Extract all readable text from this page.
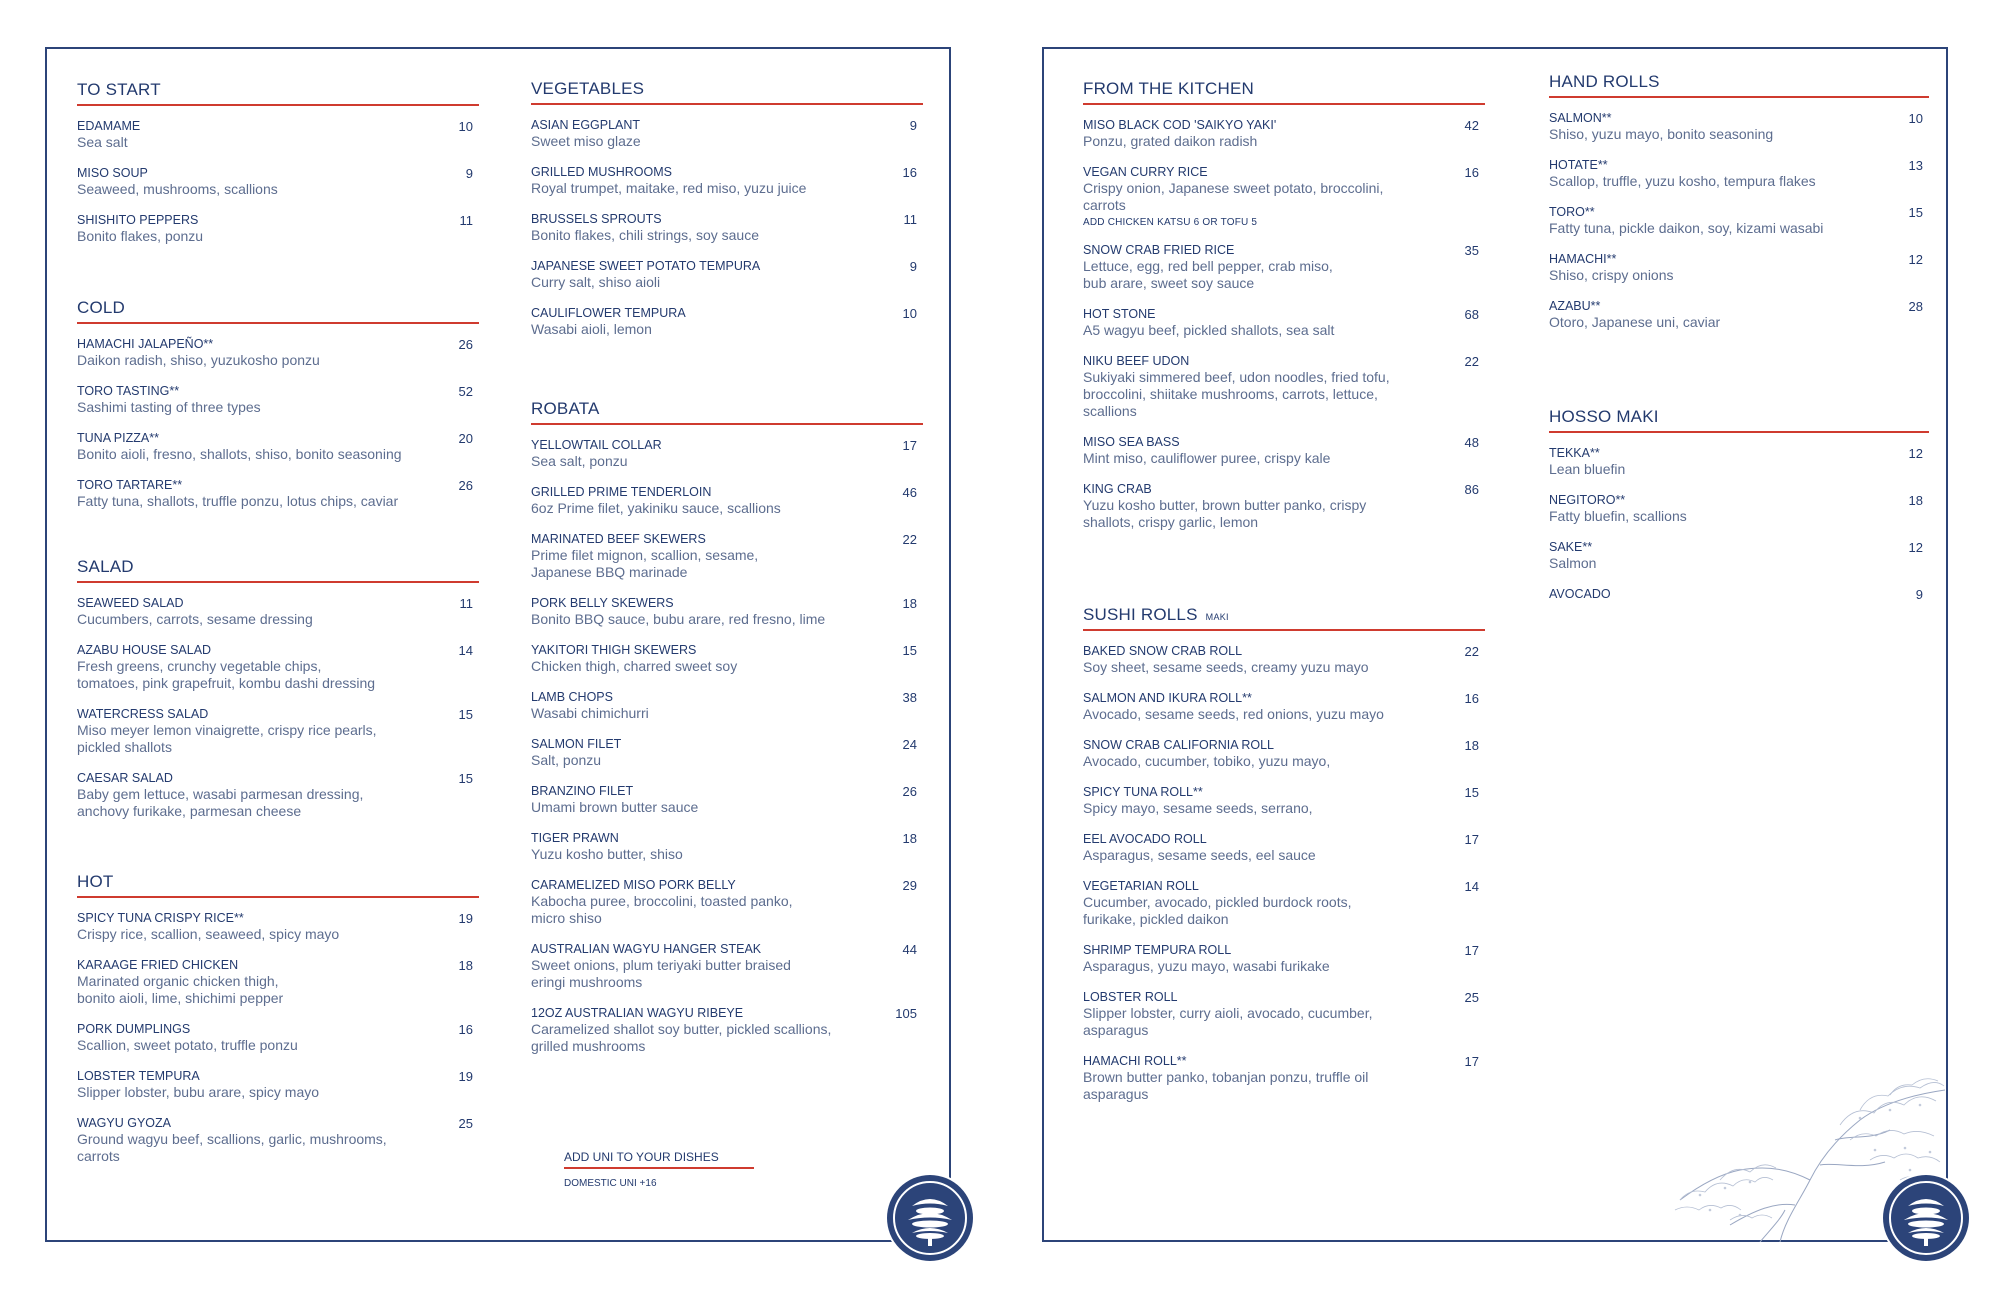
TO START
EDAMAME
Sea salt
10
MISO SOUP
Seaweed, mushrooms, scallions
9
SHISHITO PEPPERS
Bonito flakes, ponzu
11
COLD
HAMACHI JALAPEÑO**
Daikon radish, shiso, yuzukosho ponzu
26
TORO TASTING**
Sashimi tasting of three types
52
TUNA PIZZA**
Bonito aioli, fresno, shallots, shiso, bonito seasoning
20
TORO TARTARE**
Fatty tuna, shallots, truffle ponzu, lotus chips, caviar
26
SALAD
SEAWEED SALAD
Cucumbers, carrots, sesame dressing
11
AZABU HOUSE SALAD
Fresh greens, crunchy vegetable chips,
tomatoes, pink grapefruit, kombu dashi dressing
14
WATERCRESS SALAD
Miso meyer lemon vinaigrette, crispy rice pearls,
pickled shallots
15
CAESAR SALAD
Baby gem lettuce, wasabi parmesan dressing,
anchovy furikake, parmesan cheese
15
HOT
SPICY TUNA CRISPY RICE**
Crispy rice, scallion, seaweed, spicy mayo
19
KARAAGE FRIED CHICKEN
Marinated organic chicken thigh,
bonito aioli, lime, shichimi pepper
18
PORK DUMPLINGS
Scallion, sweet potato, truffle ponzu
16
LOBSTER TEMPURA
Slipper lobster, bubu arare, spicy mayo
19
WAGYU GYOZA
Ground wagyu beef, scallions, garlic, mushrooms,
carrots
25
VEGETABLES
ASIAN EGGPLANT
Sweet miso glaze
9
GRILLED MUSHROOMS
Royal trumpet, maitake, red miso, yuzu juice
16
BRUSSELS SPROUTS
Bonito flakes, chili strings, soy sauce
11
JAPANESE SWEET POTATO TEMPURA
Curry salt, shiso aioli
9
CAULIFLOWER TEMPURA
Wasabi aioli, lemon
10
ROBATA
YELLOWTAIL COLLAR
Sea salt, ponzu
17
GRILLED PRIME TENDERLOIN
6oz Prime filet, yakiniku sauce, scallions
46
MARINATED BEEF SKEWERS
Prime filet mignon, scallion, sesame,
Japanese BBQ marinade
22
PORK BELLY SKEWERS
Bonito BBQ sauce, bubu arare, red fresno, lime
18
YAKITORI THIGH SKEWERS
Chicken thigh, charred sweet soy
15
LAMB CHOPS
Wasabi chimichurri
38
SALMON FILET
Salt, ponzu
24
BRANZINO FILET
Umami brown butter sauce
26
TIGER PRAWN
Yuzu kosho butter, shiso
18
CARAMELIZED MISO PORK BELLY
Kabocha puree, broccolini, toasted panko,
micro shiso
29
AUSTRALIAN WAGYU HANGER STEAK
Sweet onions, plum teriyaki butter braised
eringi mushrooms
44
12OZ AUSTRALIAN WAGYU RIBEYE
Caramelized shallot soy butter, pickled scallions,
grilled mushrooms
105
ADD UNI TO YOUR DISHES
DOMESTIC UNI +16
FROM THE KITCHEN
MISO BLACK COD 'SAIKYO YAKI'
Ponzu, grated daikon radish
42
VEGAN CURRY RICE
Crispy onion, Japanese sweet potato, broccolini,
carrots
ADD CHICKEN KATSU 6 OR TOFU 5
16
SNOW CRAB FRIED RICE
Lettuce, egg, red bell pepper, crab miso,
bub arare, sweet soy sauce
35
HOT STONE
A5 wagyu beef, pickled shallots, sea salt
68
NIKU BEEF UDON
Sukiyaki simmered beef, udon noodles, fried tofu,
broccolini, shiitake mushrooms, carrots, lettuce,
scallions
22
MISO SEA BASS
Mint miso, cauliflower puree, crispy kale
48
KING CRAB
Yuzu kosho butter, brown butter panko, crispy
shallots, crispy garlic, lemon
86
SUSHI ROLLS MAKI
BAKED SNOW CRAB ROLL
Soy sheet, sesame seeds, creamy yuzu mayo
22
SALMON AND IKURA ROLL**
Avocado, sesame seeds, red onions, yuzu mayo
16
SNOW CRAB CALIFORNIA ROLL
Avocado, cucumber, tobiko, yuzu mayo,
18
SPICY TUNA ROLL**
Spicy mayo, sesame seeds, serrano,
15
EEL AVOCADO ROLL
Asparagus, sesame seeds, eel sauce
17
VEGETARIAN ROLL
Cucumber, avocado, pickled burdock roots,
furikake, pickled daikon
14
SHRIMP TEMPURA ROLL
Asparagus, yuzu mayo, wasabi furikake
17
LOBSTER ROLL
Slipper lobster, curry aioli, avocado, cucumber,
asparagus
25
HAMACHI ROLL**
Brown butter panko, tobanjan ponzu, truffle oil
asparagus
17
HAND ROLLS
SALMON**
Shiso, yuzu mayo, bonito seasoning
10
HOTATE**
Scallop, truffle, yuzu kosho, tempura flakes
13
TORO**
Fatty tuna, pickle daikon, soy, kizami wasabi
15
HAMACHI**
Shiso, crispy onions
12
AZABU**
Otoro, Japanese uni, caviar
28
HOSSO MAKI
TEKKA**
Lean bluefin
12
NEGITORO**
Fatty bluefin, scallions
18
SAKE**
Salmon
12
AVOCADO	9
